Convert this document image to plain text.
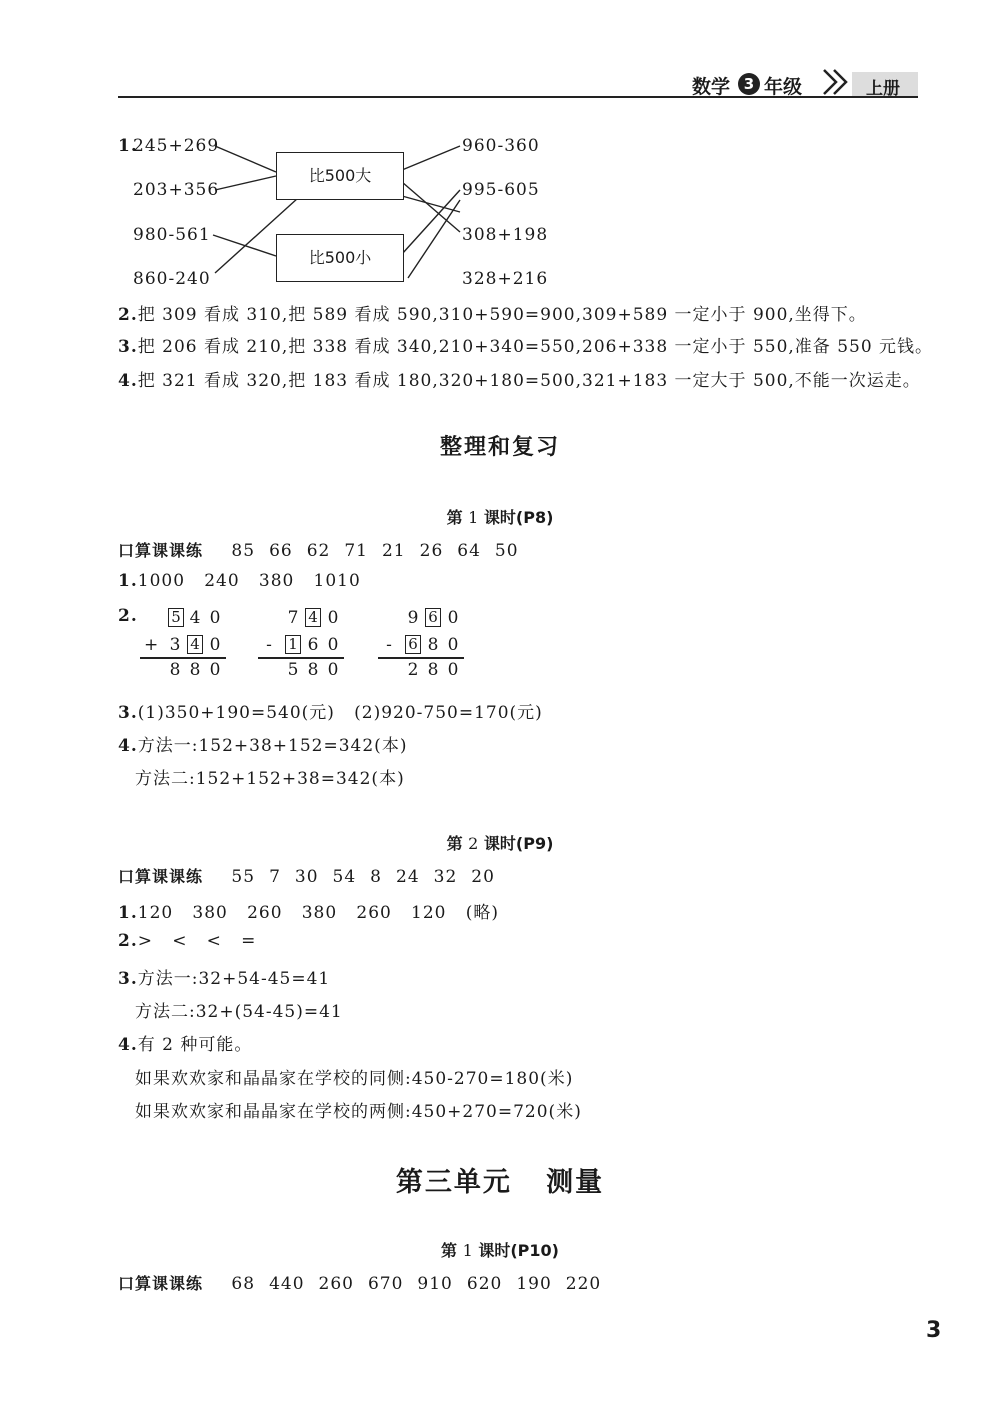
数学 3 年级	上册
1.
245+269
203+356
980-561
860-240
960-360
995-605
308+198
328+216
比500大
比500小
2.把 309 看成 310,把 589 看成 590,310+590=900,309+589 一定小于 900,坐得下。
3.把 206 看成 210,把 338 看成 340,210+340=550,206+338 一定小于 550,准备 550 元钱。
4.把 321 看成 320,把 183 看成 180,320+180=500,321+183 一定大于 500,不能一次运走。
整理和复习
第 1 课时(P8)
口算课课练 85 66 62 71 21 26 64 50
1.1000   240   380   1010
2. 5 4 0
+ 3 4 0
8 8 0
7 4 0
- 1 6 0
5 8 0
9 6 0
- 6 8 0
2 8 0
3.(1)350+190=540(元)   (2)920-750=170(元)
4.方法一:152+38+152=342(本)
方法二:152+152+38=342(本)
第 2 课时(P9)
口算课课练 55 7 30 54 8 24 32 20
1.120   380   260   380   260   120   (略)
2.>   <   <   =
3.方法一:32+54-45=41
方法二:32+(54-45)=41
4.有 2 种可能。
如果欢欢家和晶晶家在学校的同侧:450-270=180(米)
如果欢欢家和晶晶家在学校的两侧:450+270=720(米)
第三单元   测量
第 1 课时(P10)
口算课课练 68 440 260 670 910 620 190 220
3
